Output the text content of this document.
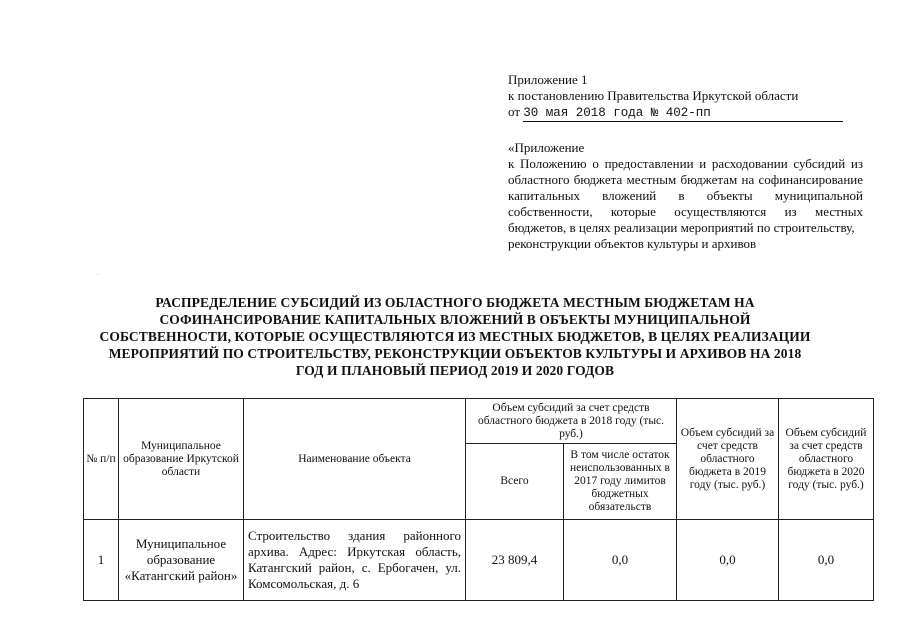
Приложение 1
к постановлению Правительства Иркутской области
от 30 мая 2018 года № 402-пп
«Приложение
к Положению о предоставлении и расходовании субсидий из областного бюджета местным бюджетам на софинансирование капитальных вложений в объекты муниципальной собственности, которые осуществляются из местных бюджетов, в целях реализации мероприятий по строительству,
реконструкции объектов культуры и архивов
·
РАСПРЕДЕЛЕНИЕ СУБСИДИЙ ИЗ ОБЛАСТНОГО БЮДЖЕТА МЕСТНЫМ БЮДЖЕТАМ НА СОФИНАНСИРОВАНИЕ КАПИТАЛЬНЫХ ВЛОЖЕНИЙ В ОБЪЕКТЫ МУНИЦИПАЛЬНОЙ СОБСТВЕННОСТИ, КОТОРЫЕ ОСУЩЕСТВЛЯЮТСЯ ИЗ МЕСТНЫХ БЮДЖЕТОВ, В ЦЕЛЯХ РЕАЛИЗАЦИИ МЕРОПРИЯТИЙ ПО СТРОИТЕЛЬСТВУ, РЕКОНСТРУКЦИИ ОБЪЕКТОВ КУЛЬТУРЫ И АРХИВОВ НА 2018 ГОД И ПЛАНОВЫЙ ПЕРИОД 2019 И 2020 ГОДОВ
№ п/п	Муниципальное образование Иркутской области	Наименование объекта	Объем субсидий за счет средств областного бюджета в 2018 году (тыс. руб.)		Объем субсидий за счет средств областного бюджета в 2019 году (тыс. руб.)	Объем субсидий за счет средств областного бюджета в 2020 году (тыс. руб.)
			Всего	В том числе остаток неиспользованных в 2017 году лимитов бюджетных обязательств		
1	Муниципальное образование «Катангский район»	Строительство здания районного архива. Адрес: Иркутская область, Катангский район, с. Ербогачен, ул. Комсомольская, д. 6	23 809,4	0,0	0,0	0,0
